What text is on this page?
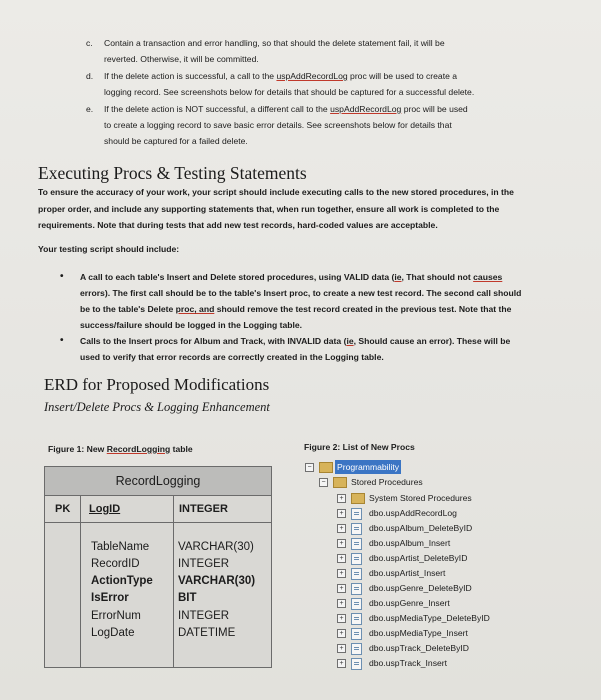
c. Contain a transaction and error handling, so that should the delete statement fail, it will be
reverted. Otherwise, it will be committed.
d. If the delete action is successful, a call to the uspAddRecordLog proc will be used to create a
logging record. See screenshots below for details that should be captured for a successful delete.
e. If the delete action is NOT successful, a different call to the uspAddRecordLog proc will be used
to create a logging record to save basic error details. See screenshots below for details that
should be captured for a failed delete.
Executing Procs & Testing Statements
To ensure the accuracy of your work, your script should include executing calls to the new stored procedures, in the proper order, and include any supporting statements that, when run together, ensure all work is completed to the requirements. Note that during tests that add new test records, hard-coded values are acceptable.
Your testing script should include:
• A call to each table's Insert and Delete stored procedures, using VALID data (ie, That should not causes errors). The first call should be to the table's Insert proc, to create a new test record. The second call should be to the table's Delete proc, and should remove the test record created in the previous test. Note that the success/failure should be logged in the Logging table.
• Calls to the Insert procs for Album and Track, with INVALID data (ie, Should cause an error). These will be used to verify that error records are correctly created in the Logging table.
ERD for Proposed Modifications
Insert/Delete Procs & Logging Enhancement
Figure 1: New RecordLogging table	Figure 2: List of New Procs
RecordLogging
PK LogID	INTEGER
TableName	VARCHAR(30)
RecordID	INTEGER
ActionType VARCHAR(30)
IsError	BIT
ErrorNum	INTEGER
LogDate	DATETIME
−	Programmability
−	Stored Procedures
+	System Stored Procedures
+	dbo.uspAddRecordLog
+	dbo.uspAlbum_DeleteByID
+	dbo.uspAlbum_Insert
+	dbo.uspArtist_DeleteByID
+	dbo.uspArtist_Insert
+	dbo.uspGenre_DeleteByID
+	dbo.uspGenre_Insert
+	dbo.uspMediaType_DeleteByID
+	dbo.uspMediaType_Insert
+	dbo.uspTrack_DeleteByID
+	dbo.uspTrack_Insert
